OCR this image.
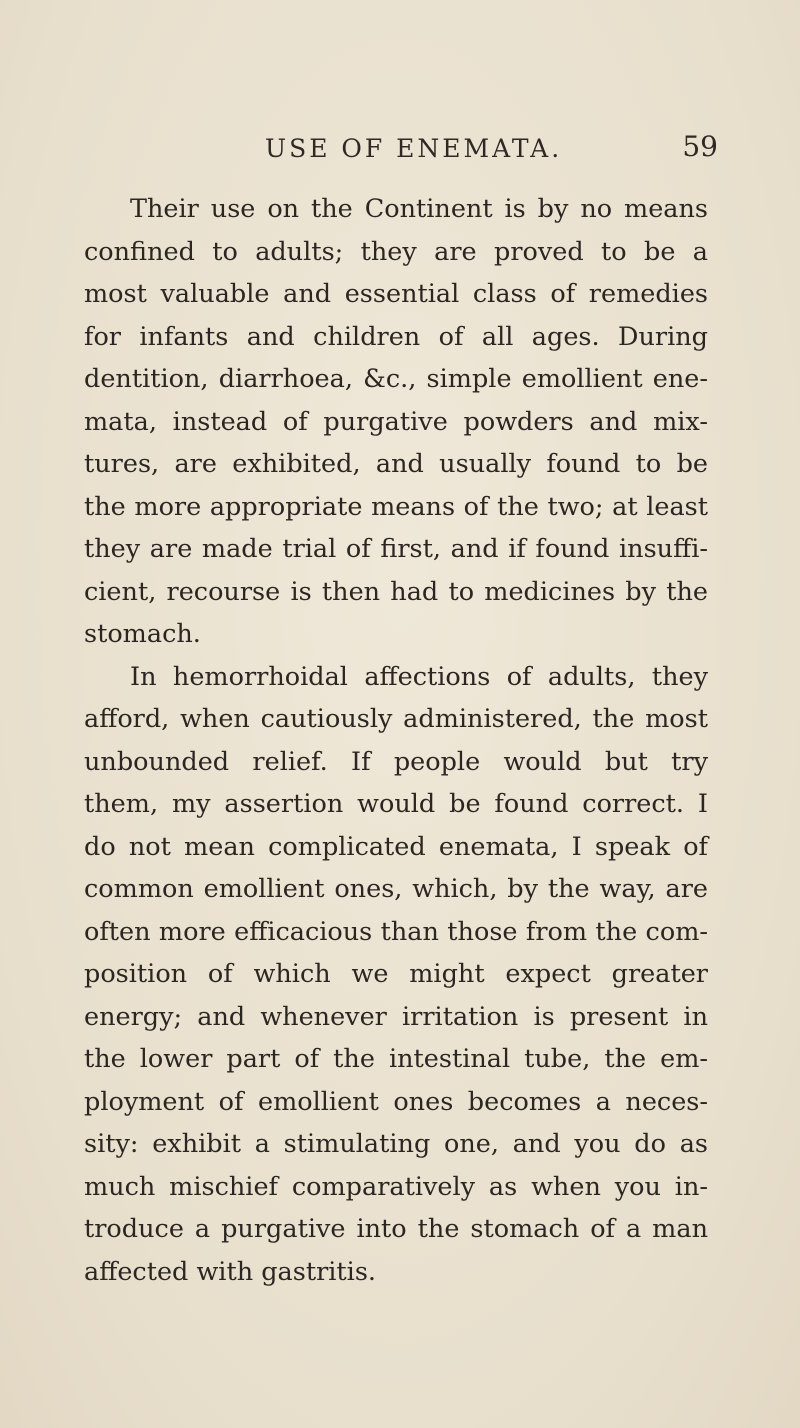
USE OF ENEMATA.	59
Their use on the Continent is by no means
confined to adults; they are proved to be a
most valuable and essential class of remedies
for infants and children of all ages. During
dentition, diarrhoea, &c., simple emollient ene-
mata, instead of purgative powders and mix-
tures, are exhibited, and usually found to be
the more appropriate means of the two; at least
they are made trial of first, and if found insuffi-
cient, recourse is then had to medicines by the
stomach.
In hemorrhoidal affections of adults, they
afford, when cautiously administered, the most
unbounded relief. If people would but try
them, my assertion would be found correct. I
do not mean complicated enemata, I speak of
common emollient ones, which, by the way, are
often more efficacious than those from the com-
position of which we might expect greater
energy; and whenever irritation is present in
the lower part of the intestinal tube, the em-
ployment of emollient ones becomes a neces-
sity: exhibit a stimulating one, and you do as
much mischief comparatively as when you in-
troduce a purgative into the stomach of a man
affected with gastritis.
